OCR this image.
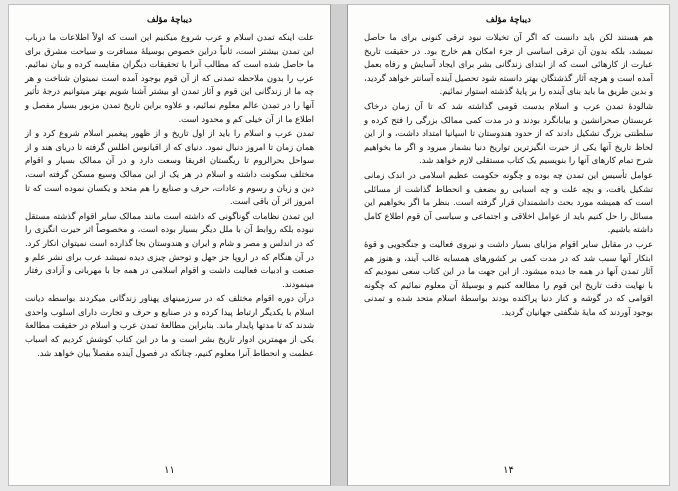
دیباچهٔ مؤلف

علت اینکه تمدن اسلام و عرب شروع میکنیم این است که اولاً اطلاعات ما درباب این تمدن بیشتر است، ثانیاً دراین خصوص بوسیلهٔ مسافرت و سیاحت مشرق برای ما حاصل شده است که مطالب آنرا با تحقیقات دیگران مقایسه کرده و بیان نمائیم. عرب را بدون ملاحظه تمدنی که از آن قوم بوجود آمده است نمیتوان شناخت و هر چه ما از زندگانی این قوم و آثار تمدن او بیشتر آشنا شویم بهتر میتوانیم درجهٔ تأثیر آنها را در تمدن عالم معلوم نمائیم، و علاوه براین تاریخ تمدن مزبور بسیار مفصل و اطلاع ما از آن خیلی کم و محدود است.

تمدن عرب و اسلام را باید از اول تاریخ و از ظهور پیغمبر اسلام شروع کرد و از همان زمان تا امروز دنبال نمود. دنیای که از اقیانوس اطلس گرفته تا دریای هند و از سواحل بحرالروم تا ریگستان افریقا وسعت دارد و در آن ممالک بسیار و اقوام مختلف سکونت داشته و اسلام در هر یک از این ممالک وسیع مسکن گرفته است، دین و زبان و رسوم و عادات، حرف و صنایع را هم متحد و یکسان نموده است که تا امروز اثر آن باقی است.

این تمدن نظامات گوناگونی که داشته است مانند ممالک سایر اقوام گذشته مستقل نبوده بلکه روابط آن با ملل دیگر بسیار بوده است، و مخصوصاً اثر حیرت انگیزی را که در اندلس و مصر و شام و ایران و هندوستان بجا گذارده است نمیتوان انکار کرد. در آن هنگام که در اروپا جز جهل و توحش چیزی دیده نمیشد عرب برای نشر علم و صنعت و ادبیات فعالیت داشت و اقوام اسلامی در همه جا با مهربانی و آزادی رفتار مینمودند.

درآن دوره اقوام مختلف که در سرزمینهای پهناور زندگانی میکردند بواسطه دیانت اسلام با یکدیگر ارتباط پیدا کرده و در صنایع و حرف و تجارت دارای اسلوب واحدی شدند که تا مدتها پایدار ماند. بنابراین مطالعهٔ تمدن عرب و اسلام در حقیقت مطالعهٔ یکی از مهمترین ادوار تاریخ بشر است و ما در این کتاب کوشش کردیم که اسباب عظمت و انحطاط آنرا معلوم کنیم، چنانکه در فصول آینده مفصلاً بیان خواهد شد.

۱۱
دیباچهٔ مؤلف

هم هستند لکن باید دانست که اگر آن تخیلات نبود ترقی کنونی برای ما حاصل نمیشد، بلکه بدون آن ترقی اساسی از جزء امکان هم خارج بود. در حقیقت تاریخ عبارت از کارهائی است که از ابتدای زندگانی بشر برای ایجاد آسایش و رفاه بعمل آمده است و هرچه آثار گذشتگان بهتر دانسته شود تحصیل آینده آسانتر خواهد گردید، و بدین طریق ما باید بنای آینده را بر پایهٔ گذشته استوار نمائیم.

شالودهٔ تمدن عرب و اسلام بدست قومی گذاشته شد که تا آن زمان درخاک عربستان صحرانشین و بیابانگرد بودند و در مدت کمی ممالک بزرگی را فتح کرده و سلطنتی بزرگ تشکیل دادند که از حدود هندوستان تا اسپانیا امتداد داشت، و از این لحاظ تاریخ آنها یکی از حیرت انگیزترین تواریخ دنیا بشمار میرود و اگر ما بخواهیم شرح تمام کارهای آنها را بنویسیم یک کتاب مستقلی لازم خواهد شد.

عوامل تأسیس این تمدن چه بوده و چگونه حکومت عظیم اسلامی در اندک زمانی تشکیل یافت، و بچه علت و چه اسبابی رو بضعف و انحطاط گذاشت از مسائلی است که همیشه مورد بحث دانشمندان قرار گرفته است. بنظر ما اگر بخواهیم این مسائل را حل کنیم باید از عوامل اخلاقی و اجتماعی و سیاسی آن قوم اطلاع کامل داشته باشیم.

عرب در مقابل سایر اقوام مزایای بسیار داشت و نیروی فعالیت و جنگجویی و قوهٔ ابتکار آنها سبب شد که در مدت کمی بر کشورهای همسایه غالب آیند، و هنوز هم آثار تمدن آنها در همه جا دیده میشود. از این جهت ما در این کتاب سعی نمودیم که با نهایت دقت تاریخ این قوم را مطالعه کنیم و بوسیلهٔ آن معلوم نمائیم که چگونه اقوامی که در گوشه و کنار دنیا پراکنده بودند بواسطهٔ اسلام متحد شده و تمدنی بوجود آوردند که مایهٔ شگفتی جهانیان گردید.

۱۴
